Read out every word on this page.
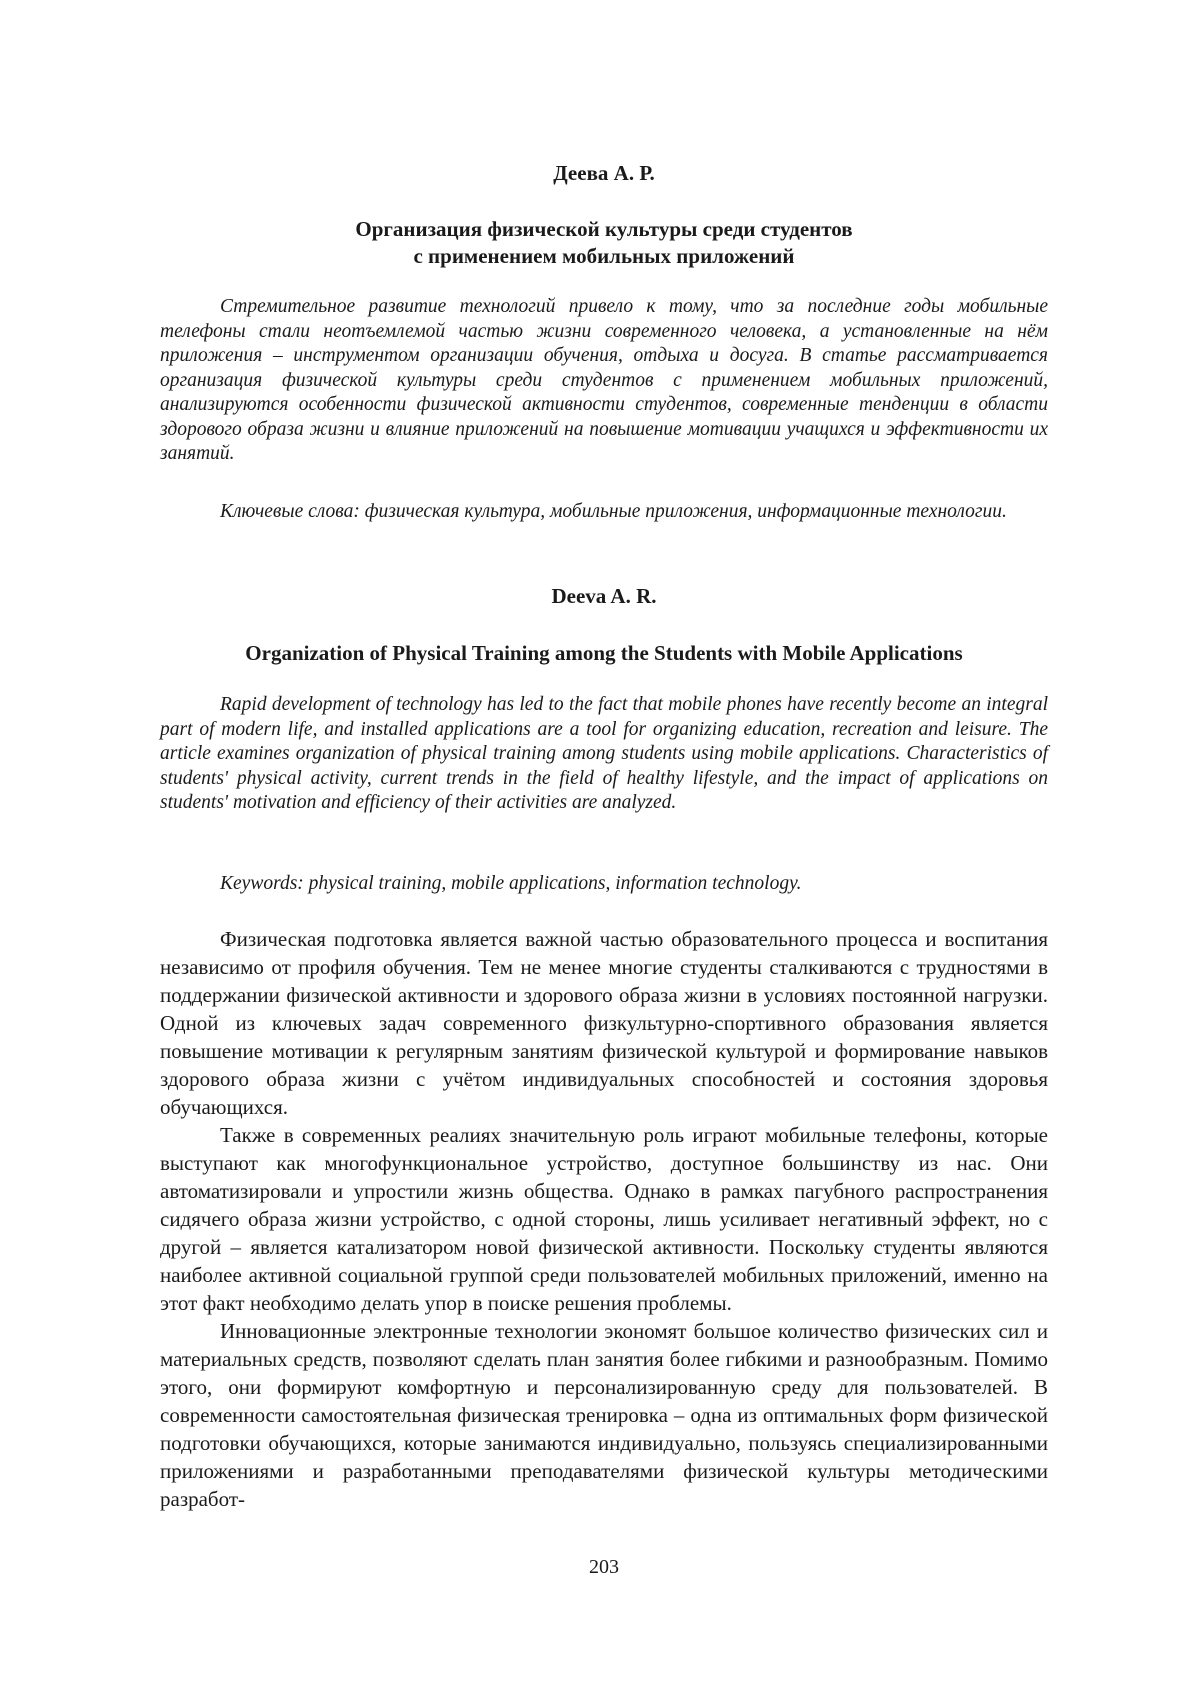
Деева А. Р.
Организация физической культуры среди студентов
с применением мобильных приложений

Стремительное развитие технологий привело к тому, что за последние годы мобильные телефоны стали неотъемлемой частью жизни современного человека, а установленные на нём приложения – инструментом организации обучения, отдыха и досуга. В статье рассматривается организация физической культуры среди студентов с применением мобильных приложений, анализируются особенности физической активности студентов, современные тенденции в области здорового образа жизни и влияние приложений на повышение мотивации учащихся и эффективности их занятий.

Ключевые слова: физическая культура, мобильные приложения, информационные технологии.

Deeva A. R.
Organization of Physical Training among the Students with Mobile Applications

Rapid development of technology has led to the fact that mobile phones have recently become an integral part of modern life, and installed applications are a tool for organizing education, recreation and leisure. The article examines organization of physical training among students using mobile applications. Characteristics of students' physical activity, current trends in the field of healthy lifestyle, and the impact of applications on students' motivation and efficiency of their activities are analyzed.

Keywords: physical training, mobile applications, information technology.

Физическая подготовка является важной частью образовательного процесса и воспитания независимо от профиля обучения. Тем не менее многие студенты сталкиваются с трудностями в поддержании физической активности и здорового образа жизни в условиях постоянной нагрузки. Одной из ключевых задач современного физкультурно-спортивного образования является повышение мотивации к регулярным занятиям физической культурой и формирование навыков здорового образа жизни с учётом индивидуальных способностей и состояния здоровья обучающихся.

Также в современных реалиях значительную роль играют мобильные телефоны, которые выступают как многофункциональное устройство, доступное большинству из нас. Они автоматизировали и упростили жизнь общества. Однако в рамках пагубного распространения сидячего образа жизни устройство, с одной стороны, лишь усиливает негативный эффект, но с другой – является катализатором новой физической активности. Поскольку студенты являются наиболее активной социальной группой среди пользователей мобильных приложений, именно на этот факт необходимо делать упор в поиске решения проблемы.

Инновационные электронные технологии экономят большое количество физических сил и материальных средств, позволяют сделать план занятия более гибкими и разнообразным. Помимо этого, они формируют комфортную и персонализированную среду для пользователей. В современности самостоятельная физическая тренировка – одна из оптимальных форм физической подготовки обучающихся, которые занимаются индивидуально, пользуясь специализированными приложениями и разработанными преподавателями физической культуры методическими разработ-

203
